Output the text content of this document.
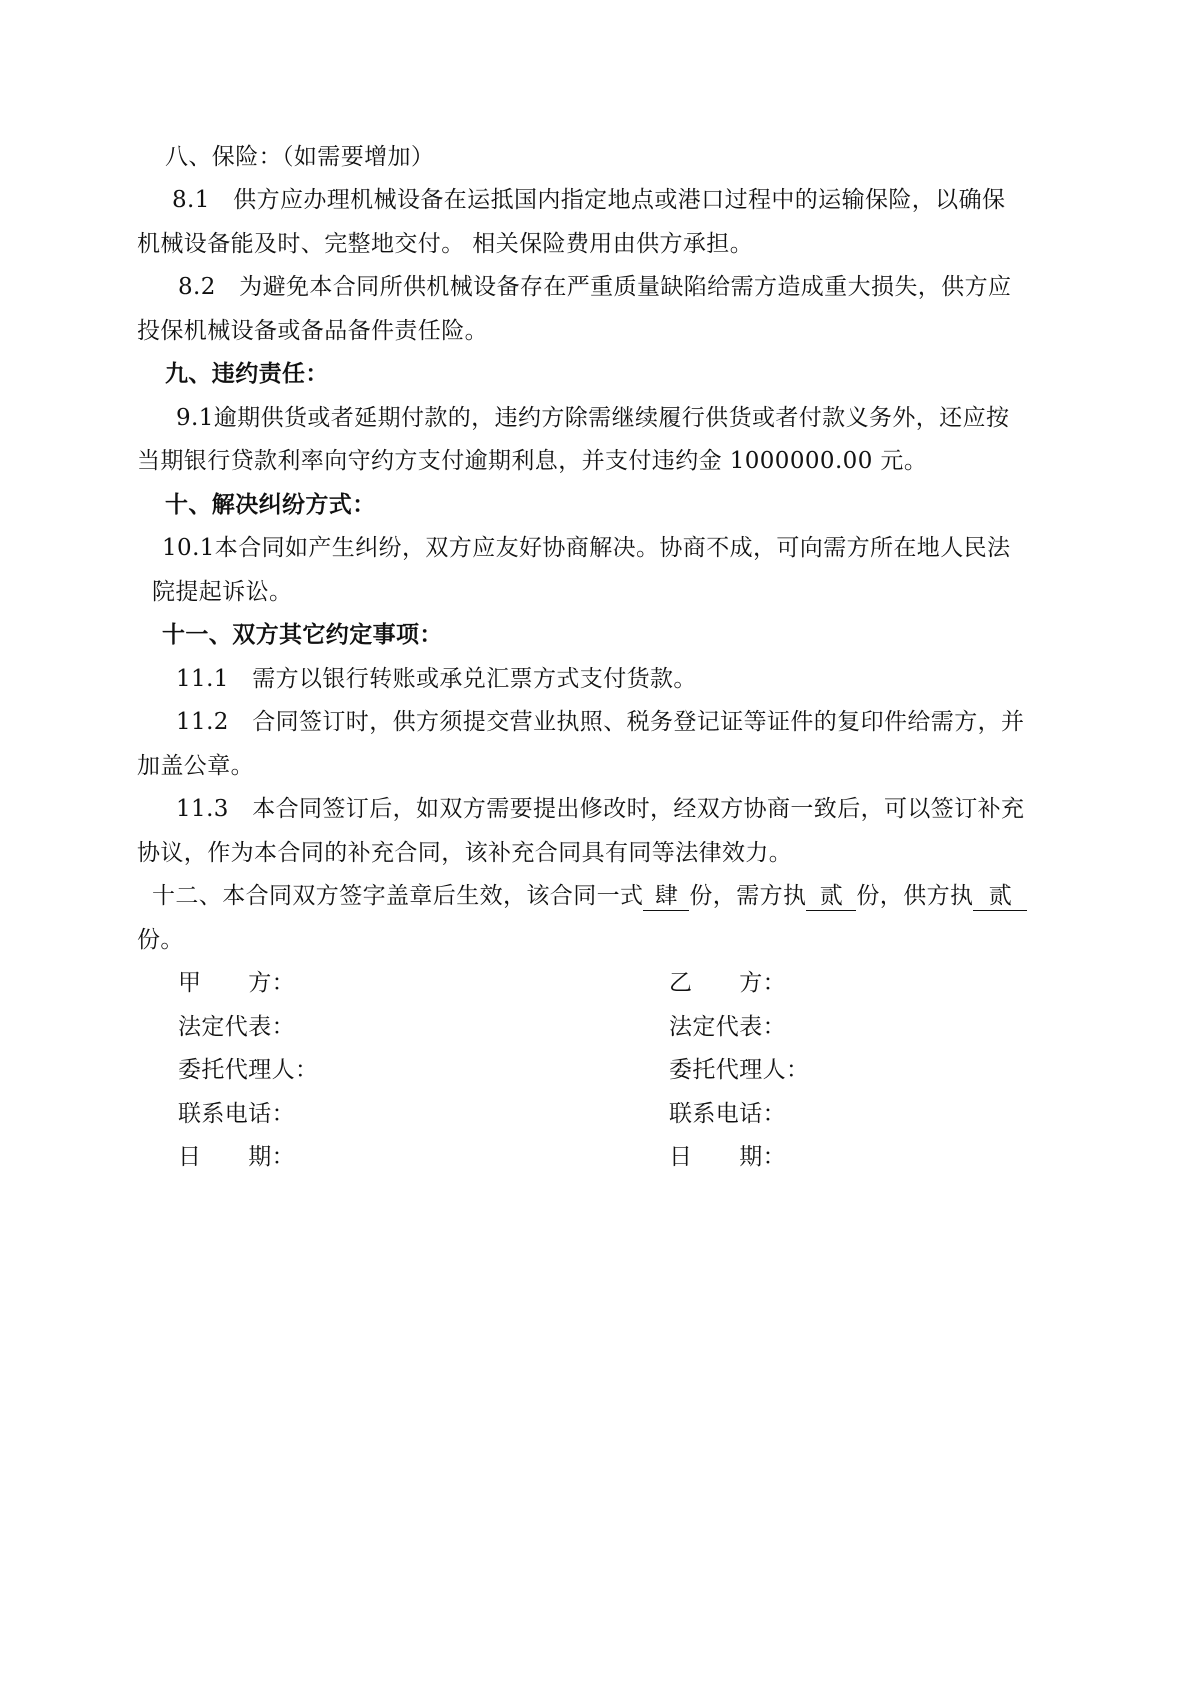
八、保险：（如需要增加）
8.1　供方应办理机械设备在运抵国内指定地点或港口过程中的运输保险，以确保
机械设备能及时、完整地交付。 相关保险费用由供方承担。
8.2　为避免本合同所供机械设备存在严重质量缺陷给需方造成重大损失，供方应
投保机械设备或备品备件责任险。
九、违约责任：
9.1逾期供货或者延期付款的，违约方除需继续履行供货或者付款义务外，还应按
当期银行贷款利率向守约方支付逾期利息，并支付违约金 1000000.00 元。
十、解决纠纷方式：
10.1本合同如产生纠纷，双方应友好协商解决。协商不成，可向需方所在地人民法
院提起诉讼。
十一、双方其它约定事项：
11.1　需方以银行转账或承兑汇票方式支付货款。
11.2　合同签订时，供方须提交营业执照、税务登记证等证件的复印件给需方，并
加盖公章。
11.3　本合同签订后，如双方需要提出修改时，经双方协商一致后，可以签订补充
协议，作为本合同的补充合同，该补充合同具有同等法律效力。
十二、本合同双方签字盖章后生效，该合同一式 肆 份，需方执 贰 份，供方执 贰
份。
甲　　方：
法定代表：
委托代理人：
联系电话：
日　　期：
乙　　方：
法定代表：
委托代理人：
联系电话：
日　　期：
